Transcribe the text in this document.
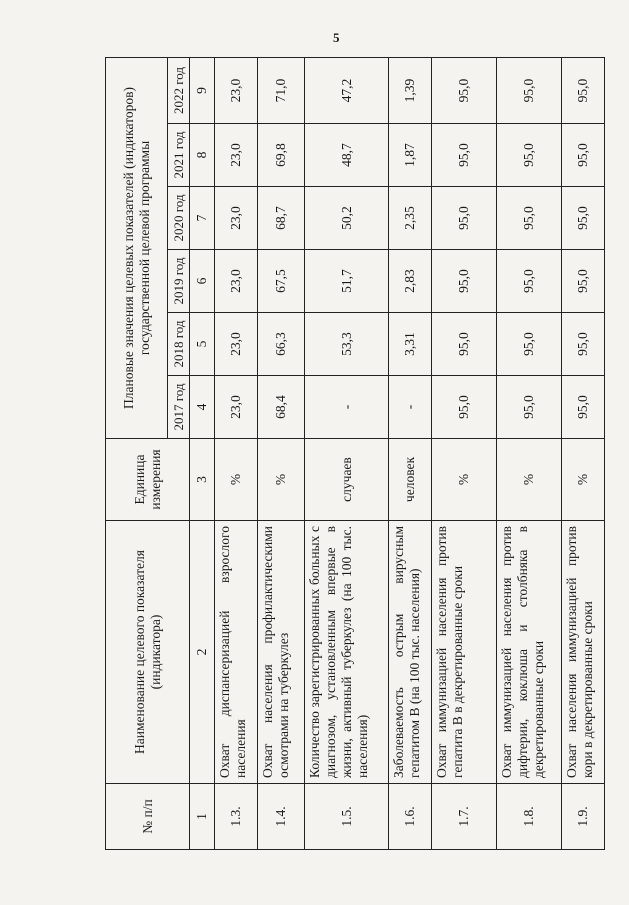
5
№ п/п	Наименование целевого показателя (индикатора)	Единица измерения	Плановые значения целевых показателей (индикаторов) государственной целевой программы					
			2017 год	2018 год	2019 год	2020 год	2021 год	2022 год
1	2	3	4	5	6	7	8	9
1.3.	Охват диспансеризацией взрослого населения	%	23,0	23,0	23,0	23,0	23,0	23,0
1.4.	Охват населения профилактическими осмотрами на туберкулез	%	68,4	66,3	67,5	68,7	69,8	71,0
1.5.	Количество зарегистрированных больных с диагнозом, установленным впервые в жизни, активный туберкулез (на 100 тыс. населения)	случаев	-	53,3	51,7	50,2	48,7	47,2
1.6.	Заболеваемость острым вирусным гепатитом В (на 100 тыс. населения)	человек	-	3,31	2,83	2,35	1,87	1,39
1.7.	Охват иммунизацией населения против гепатита В в декретированные сроки	%	95,0	95,0	95,0	95,0	95,0	95,0
1.8.	Охват иммунизацией населения против дифтерии, коклюша и столбняка в декретированные сроки	%	95,0	95,0	95,0	95,0	95,0	95,0
1.9.	Охват населения иммунизацией против кори в декретированные сроки	%	95,0	95,0	95,0	95,0	95,0	95,0
